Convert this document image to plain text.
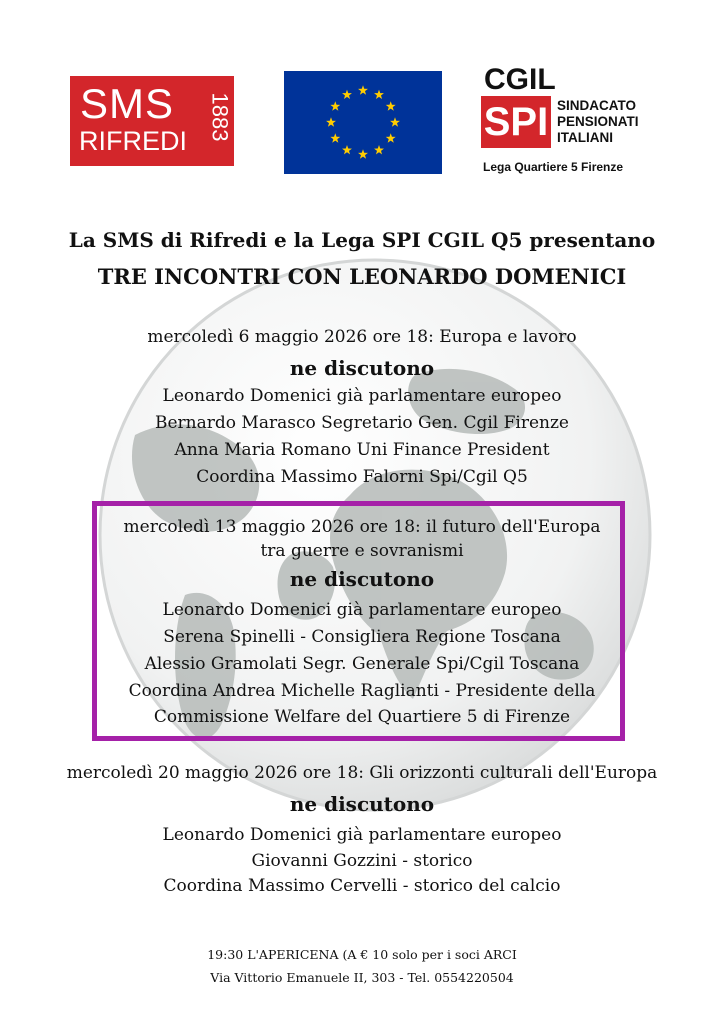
SMS
RIFREDI 1883
CGIL
SPI SINDACATO
PENSIONATI
ITALIANI
Lega Quartiere 5 Firenze
La SMS di Rifredi e la Lega SPI CGIL Q5 presentano
TRE INCONTRI CON LEONARDO DOMENICI
mercoledì 6 maggio 2026 ore 18: Europa e lavoro
ne discutono
Leonardo Domenici già parlamentare europeo
Bernardo Marasco Segretario Gen. Cgil Firenze
Anna Maria Romano Uni Finance President
Coordina Massimo Falorni Spi/Cgil Q5
mercoledì 13 maggio 2026 ore 18: il futuro dell'Europa
tra guerre e sovranismi
ne discutono
Leonardo Domenici già parlamentare europeo
Serena Spinelli - Consigliera Regione Toscana
Alessio Gramolati Segr. Generale Spi/Cgil Toscana
Coordina Andrea Michelle Raglianti - Presidente della
Commissione Welfare del Quartiere 5 di Firenze
mercoledì 20 maggio 2026 ore 18: Gli orizzonti culturali dell'Europa
ne discutono
Leonardo Domenici già parlamentare europeo
Giovanni Gozzini - storico
Coordina Massimo Cervelli - storico del calcio
19:30 L'APERICENA (A € 10 solo per i soci ARCI
Via Vittorio Emanuele II, 303 - Tel. 0554220504
